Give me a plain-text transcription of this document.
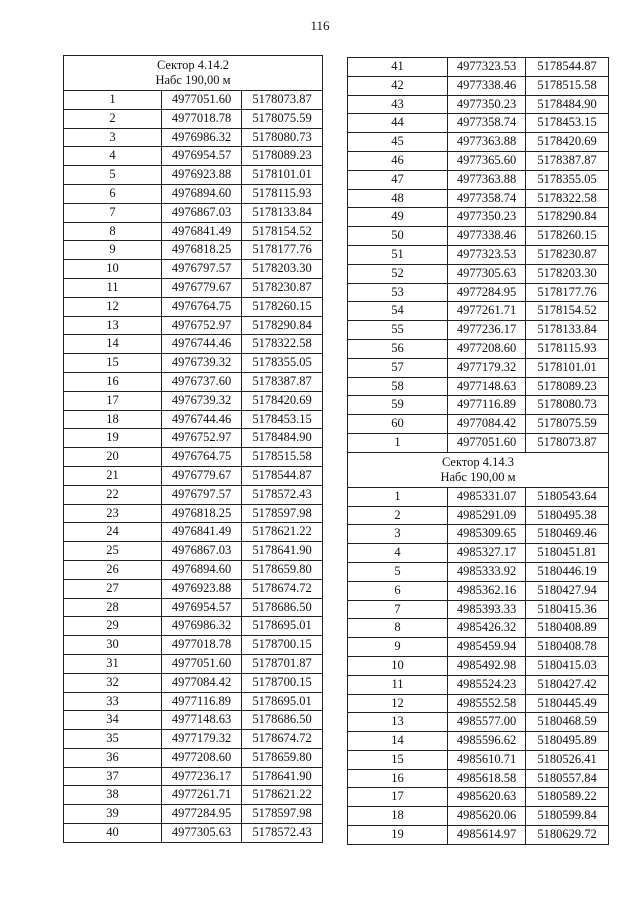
116
Сектор 4.14.2
Набс 190,00 м		

1	4977051.60	5178073.87
2	4977018.78	5178075.59
3	4976986.32	5178080.73
4	4976954.57	5178089.23
5	4976923.88	5178101.01
6	4976894.60	5178115.93
7	4976867.03	5178133.84
8	4976841.49	5178154.52
9	4976818.25	5178177.76
10	4976797.57	5178203.30
11	4976779.67	5178230.87
12	4976764.75	5178260.15
13	4976752.97	5178290.84
14	4976744.46	5178322.58
15	4976739.32	5178355.05
16	4976737.60	5178387.87
17	4976739.32	5178420.69
18	4976744.46	5178453.15
19	4976752.97	5178484.90
20	4976764.75	5178515.58
21	4976779.67	5178544.87
22	4976797.57	5178572.43
23	4976818.25	5178597.98
24	4976841.49	5178621.22
25	4976867.03	5178641.90
26	4976894.60	5178659.80
27	4976923.88	5178674.72
28	4976954.57	5178686.50
29	4976986.32	5178695.01
30	4977018.78	5178700.15
31	4977051.60	5178701.87
32	4977084.42	5178700.15
33	4977116.89	5178695.01
34	4977148.63	5178686.50
35	4977179.32	5178674.72
36	4977208.60	5178659.80
37	4977236.17	5178641.90
38	4977261.71	5178621.22
39	4977284.95	5178597.98
40	4977305.63	5178572.43
41	4977323.53	5178544.87
42	4977338.46	5178515.58
43	4977350.23	5178484.90
44	4977358.74	5178453.15
45	4977363.88	5178420.69
46	4977365.60	5178387.87
47	4977363.88	5178355.05
48	4977358.74	5178322.58
49	4977350.23	5178290.84
50	4977338.46	5178260.15
51	4977323.53	5178230.87
52	4977305.63	5178203.30
53	4977284.95	5178177.76
54	4977261.71	5178154.52
55	4977236.17	5178133.84
56	4977208.60	5178115.93
57	4977179.32	5178101.01
58	4977148.63	5178089.23
59	4977116.89	5178080.73
60	4977084.42	5178075.59
1	4977051.60	5178073.87

Сектор 4.14.3
Набс 190,00 м		

1	4985331.07	5180543.64
2	4985291.09	5180495.38
3	4985309.65	5180469.46
4	4985327.17	5180451.81
5	4985333.92	5180446.19
6	4985362.16	5180427.94
7	4985393.33	5180415.36
8	4985426.32	5180408.89
9	4985459.94	5180408.78
10	4985492.98	5180415.03
11	4985524.23	5180427.42
12	4985552.58	5180445.49
13	4985577.00	5180468.59
14	4985596.62	5180495.89
15	4985610.71	5180526.41
16	4985618.58	5180557.84
17	4985620.63	5180589.22
18	4985620.06	5180599.84
19	4985614.97	5180629.72
